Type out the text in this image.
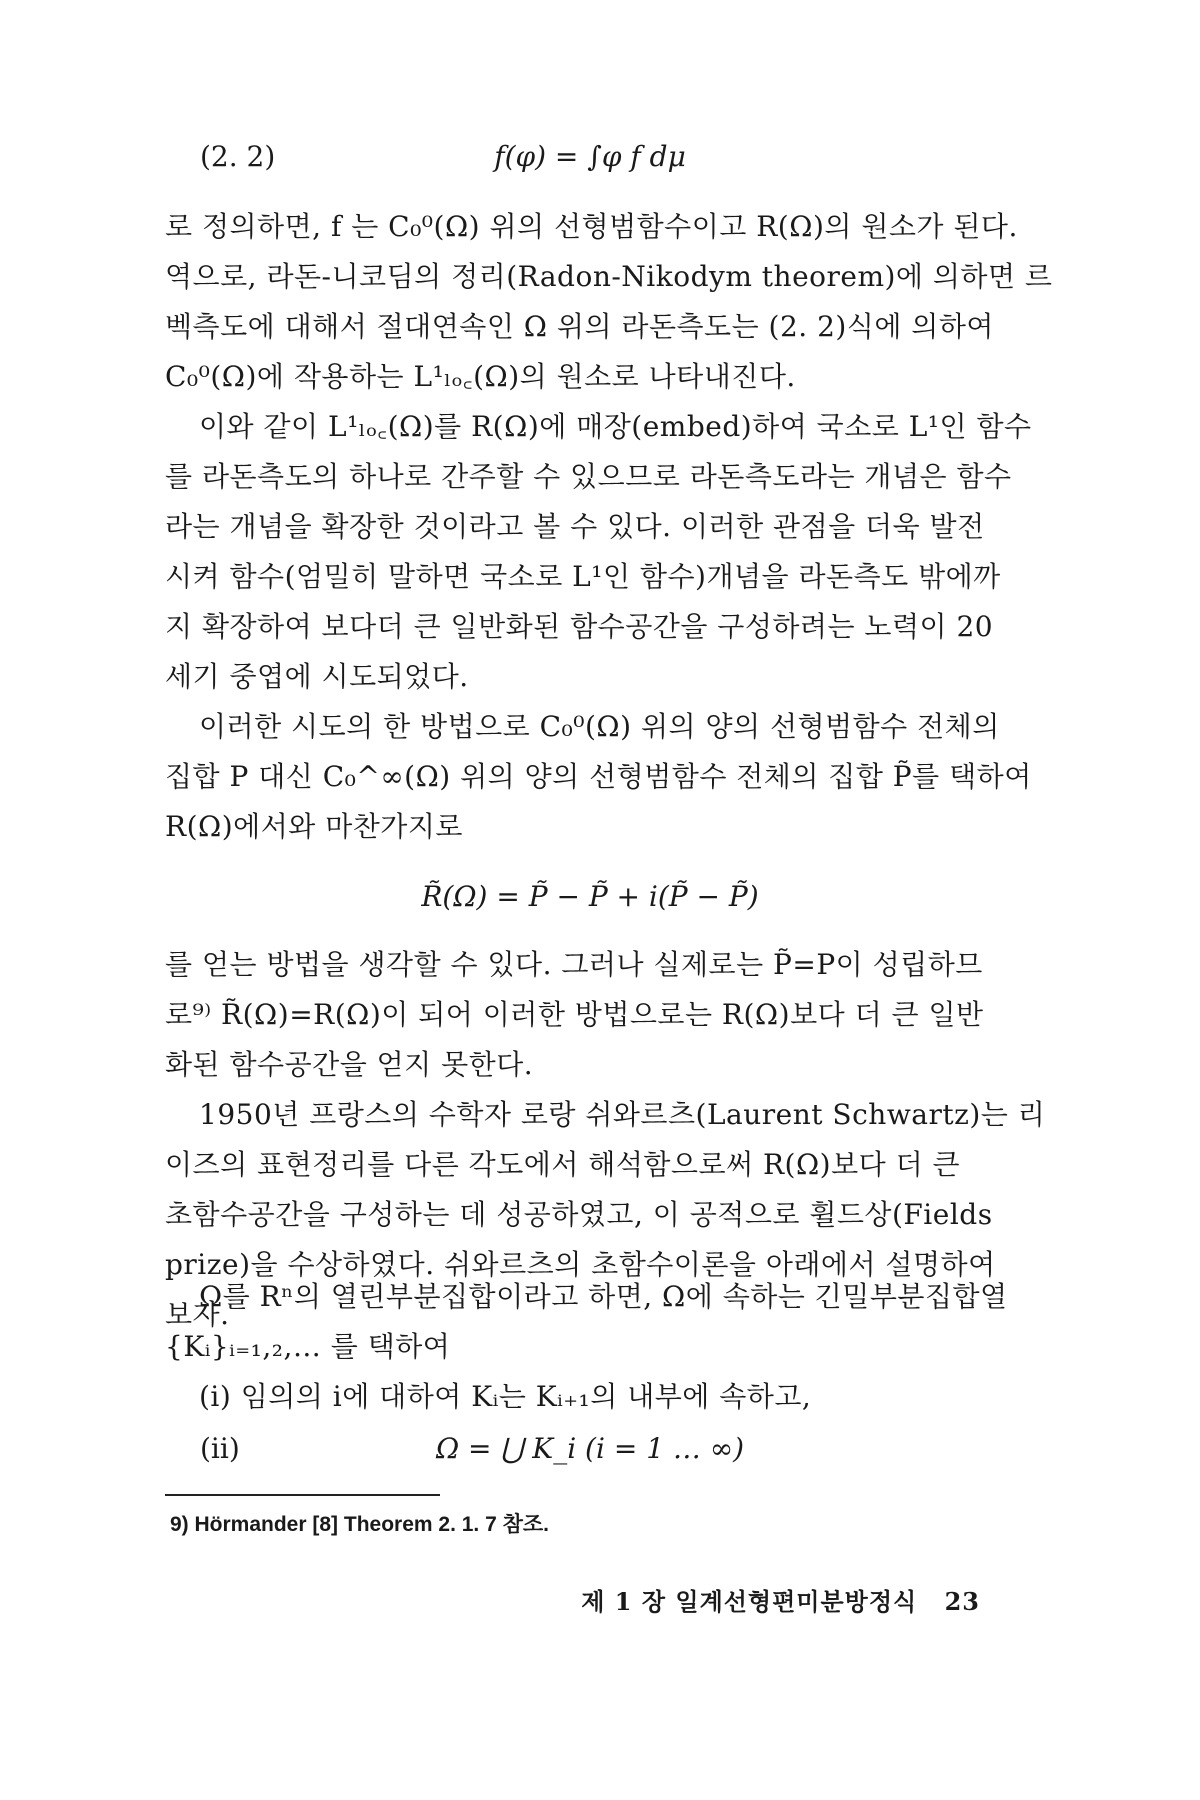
(2. 2)	f(φ) = ∫φ f dμ
로 정의하면, f 는 C₀⁰(Ω) 위의 선형범함수이고 R(Ω)의 원소가 된다.
역으로, 라돈-니코딤의 정리(Radon-Nikodym theorem)에 의하면 르
벡측도에 대해서 절대연속인 Ω 위의 라돈측도는 (2. 2)식에 의하여
C₀⁰(Ω)에 작용하는 L¹ₗₒ꜀(Ω)의 원소로 나타내진다.
이와 같이 L¹ₗₒ꜀(Ω)를 R(Ω)에 매장(embed)하여 국소로 L¹인 함수
를 라돈측도의 하나로 간주할 수 있으므로 라돈측도라는 개념은 함수
라는 개념을 확장한 것이라고 볼 수 있다. 이러한 관점을 더욱 발전
시켜 함수(엄밀히 말하면 국소로 L¹인 함수)개념을 라돈측도 밖에까
지 확장하여 보다더 큰 일반화된 함수공간을 구성하려는 노력이 20
세기 중엽에 시도되었다.
이러한 시도의 한 방법으로 C₀⁰(Ω) 위의 양의 선형범함수 전체의
집합 P 대신 C₀^∞(Ω) 위의 양의 선형범함수 전체의 집합 P̃를 택하여
R(Ω)에서와 마찬가지로
R̃(Ω) = P̃ − P̃ + i(P̃ − P̃)
를 얻는 방법을 생각할 수 있다. 그러나 실제로는 P̃=P이 성립하므
로⁹⁾ R̃(Ω)=R(Ω)이 되어 이러한 방법으로는 R(Ω)보다 더 큰 일반
화된 함수공간을 얻지 못한다.
1950년 프랑스의 수학자 로랑 쉬와르츠(Laurent Schwartz)는 리
이즈의 표현정리를 다른 각도에서 해석함으로써 R(Ω)보다 더 큰
초함수공간을 구성하는 데 성공하였고, 이 공적으로 휠드상(Fields
prize)을 수상하였다. 쉬와르츠의 초함수이론을 아래에서 설명하여
보자.
Ω를 Rⁿ의 열린부분집합이라고 하면, Ω에 속하는 긴밀부분집합열
{Kᵢ}ᵢ₌₁,₂,… 를 택하여
(i) 임의의 i에 대하여 Kᵢ는 Kᵢ₊₁의 내부에 속하고,
(ii)	Ω = ⋃ K_i (i = 1 … ∞)
9) Hörmander [8] Theorem 2. 1. 7 참조.
제 1 장 일계선형편미분방정식 23
